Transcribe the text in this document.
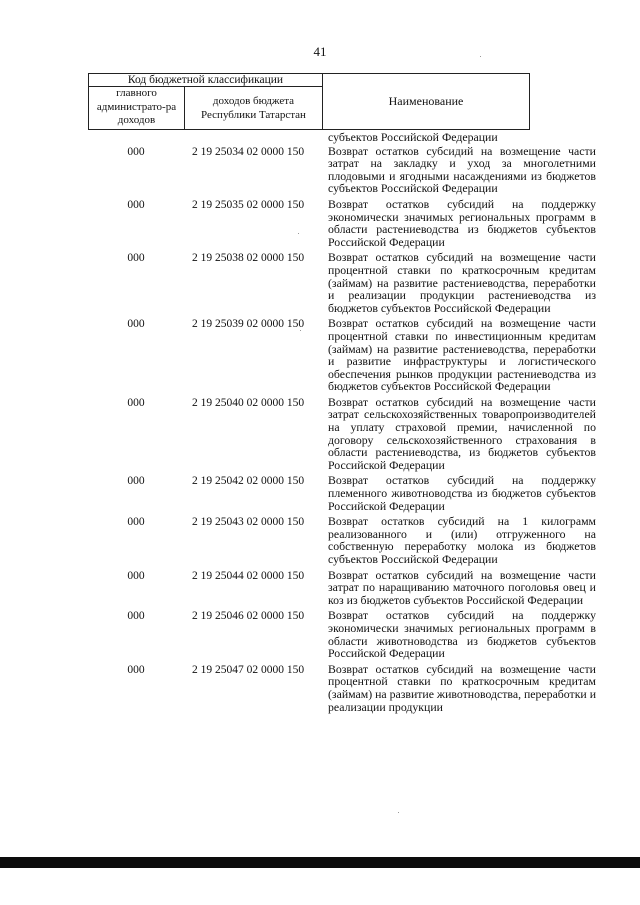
41
Код бюджетной классификации
главного администрато-ра доходов
доходов бюджета Республики Татарстан
Наименование
субъектов Российской Федерации
000	2 19 25034 02 0000 150	Возврат остатков субсидий на возмещение части затрат на закладку и уход за многолетними плодовыми и ягодными насаждениями из бюджетов субъектов Российской Федерации
000	2 19 25035 02 0000 150	Возврат остатков субсидий на поддержку экономически значимых региональных программ в области растениеводства из бюджетов субъектов Российской Федерации
000	2 19 25038 02 0000 150	Возврат остатков субсидий на возмещение части процентной ставки по краткосрочным кредитам (займам) на развитие растениеводства, переработки и реализации продукции растениеводства из бюджетов субъектов Российской Федерации
000	2 19 25039 02 0000 150	Возврат остатков субсидий на возмещение части процентной ставки по инвестиционным кредитам (займам) на развитие растениеводства, переработки и развитие инфраструктуры и логистического обеспечения рынков продукции растениеводства из бюджетов субъектов Российской Федерации
000	2 19 25040 02 0000 150	Возврат остатков субсидий на возмещение части затрат сельскохозяйственных товаропроизводителей на уплату страховой премии, начисленной по договору сельскохозяйственного страхования в области растениеводства, из бюджетов субъектов Российской Федерации
000	2 19 25042 02 0000 150	Возврат остатков субсидий на поддержку племенного животноводства из бюджетов субъектов Российской Федерации
000	2 19 25043 02 0000 150	Возврат остатков субсидий на 1 килограмм реализованного и (или) отгруженного на собственную переработку молока из бюджетов субъектов Российской Федерации
000	2 19 25044 02 0000 150	Возврат остатков субсидий на возмещение части затрат по наращиванию маточного поголовья овец и коз из бюджетов субъектов Российской Федерации
000	2 19 25046 02 0000 150	Возврат остатков субсидий на поддержку экономически значимых региональных программ в области животноводства из бюджетов субъектов Российской Федерации
000	2 19 25047 02 0000 150	Возврат остатков субсидий на возмещение части процентной ставки по краткосрочным кредитам (займам) на развитие животноводства, переработки и реализации продукции
